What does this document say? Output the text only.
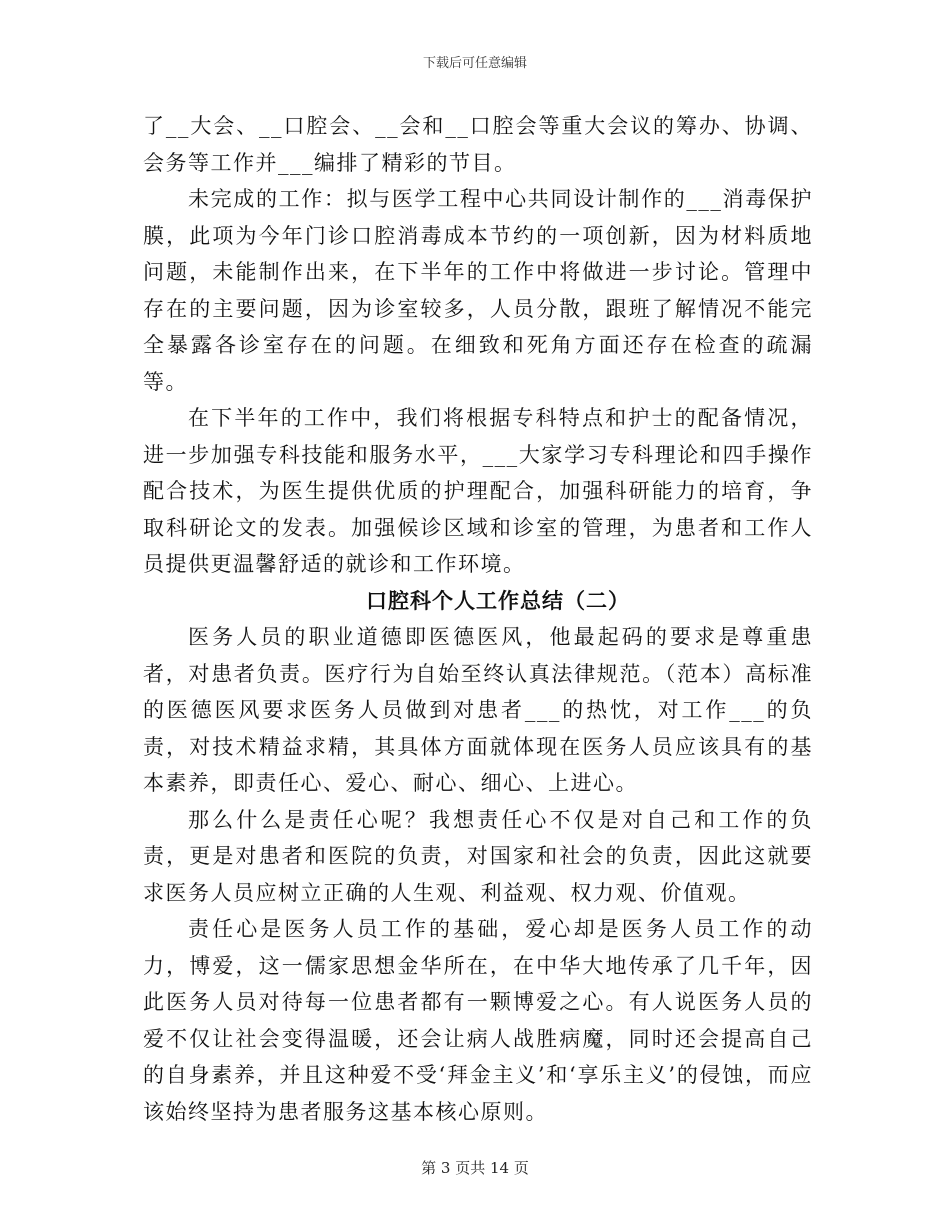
下载后可任意编辑

了__大会、__口腔会、__会和__口腔会等重大会议的筹办、协调、会务等工作并___编排了精彩的节目。

未完成的工作：拟与医学工程中心共同设计制作的___消毒保护膜，此项为今年门诊口腔消毒成本节约的一项创新，因为材料质地问题，未能制作出来，在下半年的工作中将做进一步讨论。管理中存在的主要问题，因为诊室较多，人员分散，跟班了解情况不能完全暴露各诊室存在的问题。在细致和死角方面还存在检查的疏漏等。

在下半年的工作中，我们将根据专科特点和护士的配备情况，进一步加强专科技能和服务水平，___大家学习专科理论和四手操作配合技术，为医生提供优质的护理配合，加强科研能力的培育，争取科研论文的发表。加强候诊区域和诊室的管理，为患者和工作人员提供更温馨舒适的就诊和工作环境。

口腔科个人工作总结（二）

医务人员的职业道德即医德医风，他最起码的要求是尊重患者，对患者负责。医疗行为自始至终认真法律规范。（范本）高标准的医德医风要求医务人员做到对患者___的热忱，对工作___的负责，对技术精益求精，其具体方面就体现在医务人员应该具有的基本素养，即责任心、爱心、耐心、细心、上进心。

那么什么是责任心呢？我想责任心不仅是对自己和工作的负责，更是对患者和医院的负责，对国家和社会的负责，因此这就要求医务人员应树立正确的人生观、利益观、权力观、价值观。

责任心是医务人员工作的基础，爱心却是医务人员工作的动力，博爱，这一儒家思想金华所在，在中华大地传承了几千年，因此医务人员对待每一位患者都有一颗博爱之心。有人说医务人员的爱不仅让社会变得温暖，还会让病人战胜病魔，同时还会提高自己的自身素养，并且这种爱不受‘拜金主义’和‘享乐主义’的侵蚀，而应该始终坚持为患者服务这基本核心原则。

第 3 页共 14 页
